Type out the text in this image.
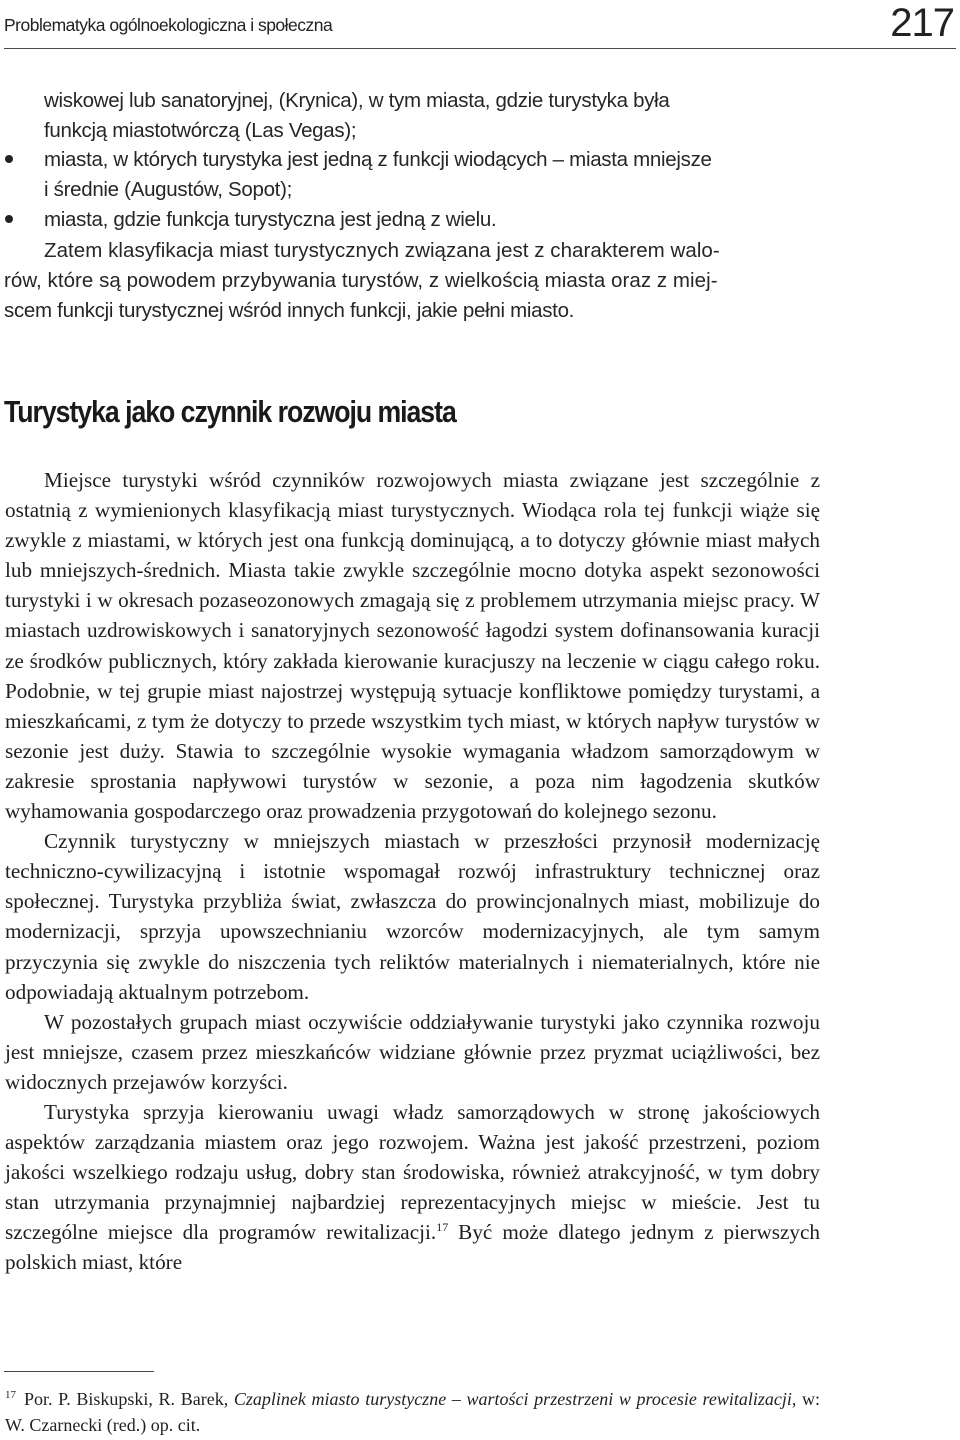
Problematyka ogólnoekologiczna i społeczna	217
wiskowej lub sanatoryjnej, (Krynica), w tym miasta, gdzie turystyka była
funkcją miastotwórczą (Las Vegas);
miasta, w których turystyka jest jedną z funkcji wiodących – miasta mniejsze
i średnie (Augustów, Sopot);
miasta, gdzie funkcja turystyczna jest jedną z wielu.
Zatem klasyfikacja miast turystycznych związana jest z charakterem walo-
rów, które są powodem przybywania turystów, z wielkością miasta oraz z miej-
scem funkcji turystycznej wśród innych funkcji, jakie pełni miasto.
Turystyka jako czynnik rozwoju miasta

Miejsce turystyki wśród czynników rozwojowych miasta związane jest szczególnie z ostatnią z wymienionych klasyfikacją miast turystycznych. Wiodąca rola tej funkcji wiąże się zwykle z miastami, w których jest ona funkcją dominującą, a to dotyczy głównie miast małych lub mniejszych-średnich. Miasta takie zwykle szczególnie mocno dotyka aspekt sezonowości turystyki i w okresach pozaseozonowych zmagają się z problemem utrzymania miejsc pracy. W miastach uzdrowiskowych i sanatoryjnych sezonowość łagodzi system dofinansowania kuracji ze środków publicznych, który zakłada kierowanie kuracjuszy na leczenie w ciągu całego roku. Podobnie, w tej grupie miast najostrzej występują sytuacje konfliktowe pomiędzy turystami, a mieszkańcami, z tym że dotyczy to przede wszystkim tych miast, w których napływ turystów w sezonie jest duży. Stawia to szczególnie wysokie wymagania władzom samorządowym w zakresie sprostania napływowi turystów w sezonie, a poza nim łagodzenia skutków wyhamowania gospodarczego oraz prowadzenia przygotowań do kolejnego sezonu.

Czynnik turystyczny w mniejszych miastach w przeszłości przynosił modernizację techniczno-cywilizacyjną i istotnie wspomagał rozwój infrastruktury technicznej oraz społecznej. Turystyka przybliża świat, zwłaszcza do prowincjonalnych miast, mobilizuje do modernizacji, sprzyja upowszechnianiu wzorców modernizacyjnych, ale tym samym przyczynia się zwykle do niszczenia tych reliktów materialnych i niematerialnych, które nie odpowiadają aktualnym potrzebom.

W pozostałych grupach miast oczywiście oddziaływanie turystyki jako czynnika rozwoju jest mniejsze, czasem przez mieszkańców widziane głównie przez pryzmat uciążliwości, bez widocznych przejawów korzyści.

Turystyka sprzyja kierowaniu uwagi władz samorządowych w stronę jakościowych aspektów zarządzania miastem oraz jego rozwojem. Ważna jest jakość przestrzeni, poziom jakości wszelkiego rodzaju usług, dobry stan środowiska, również atrakcyjność, w tym dobry stan utrzymania przynajmniej najbardziej reprezentacyjnych miejsc w mieście. Jest tu szczególne miejsce dla programów rewitalizacji.$^{17}$ Być może dlatego jednym z pierwszych polskich miast, które

$^{17}$ Por. P. Biskupski, R. Barek, Czaplinek miasto turystyczne – wartości przestrzeni w procesie rewitalizacji, w: W. Czarnecki (red.) op. cit.
